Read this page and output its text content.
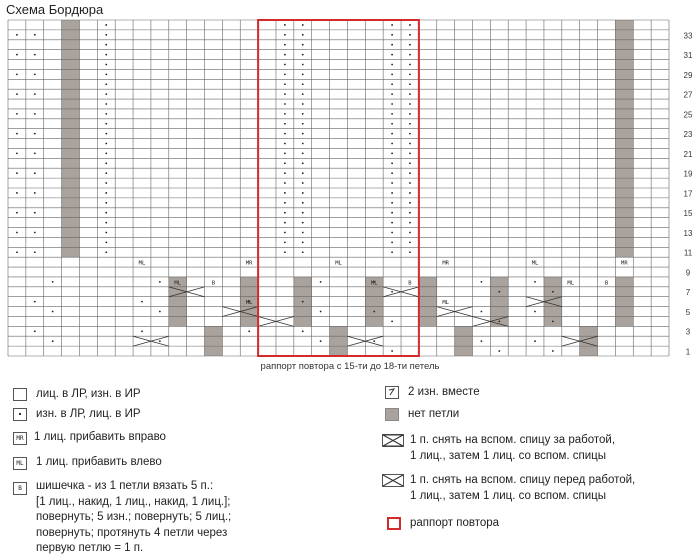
ML	MR
ML	B
ML
ML	MR
ML	B
ML
ML	MR
ML	B
1
3
5
7
9
11
13
15
17
19
21
23
25
27
29
31
33
Схема Бордюра
раппорт повтора с 15-ти до 18-ти петель
лиц. в ЛР, изн. в ИР
изн. в ЛР, лиц. в ИР
MR 1 лиц. прибавить вправо
ML 1 лиц. прибавить влево
B	шишечка - из 1 петли вязать 5 п.:
[1 лиц., накид, 1 лиц., накид, 1 лиц.];
повернуть; 5 изн.; повернуть; 5 лиц.;
повернуть; протянуть 4 петли через
первую петлю = 1 п.
2 изн. вместе
нет петли
1 п. снять на вспом. спицу за работой,
1 лиц., затем 1 лиц. со вспом. спицы
1 п. снять на вспом. спицу перед работой,
1 лиц., затем 1 лиц. со вспом. спицы
раппорт повтора
